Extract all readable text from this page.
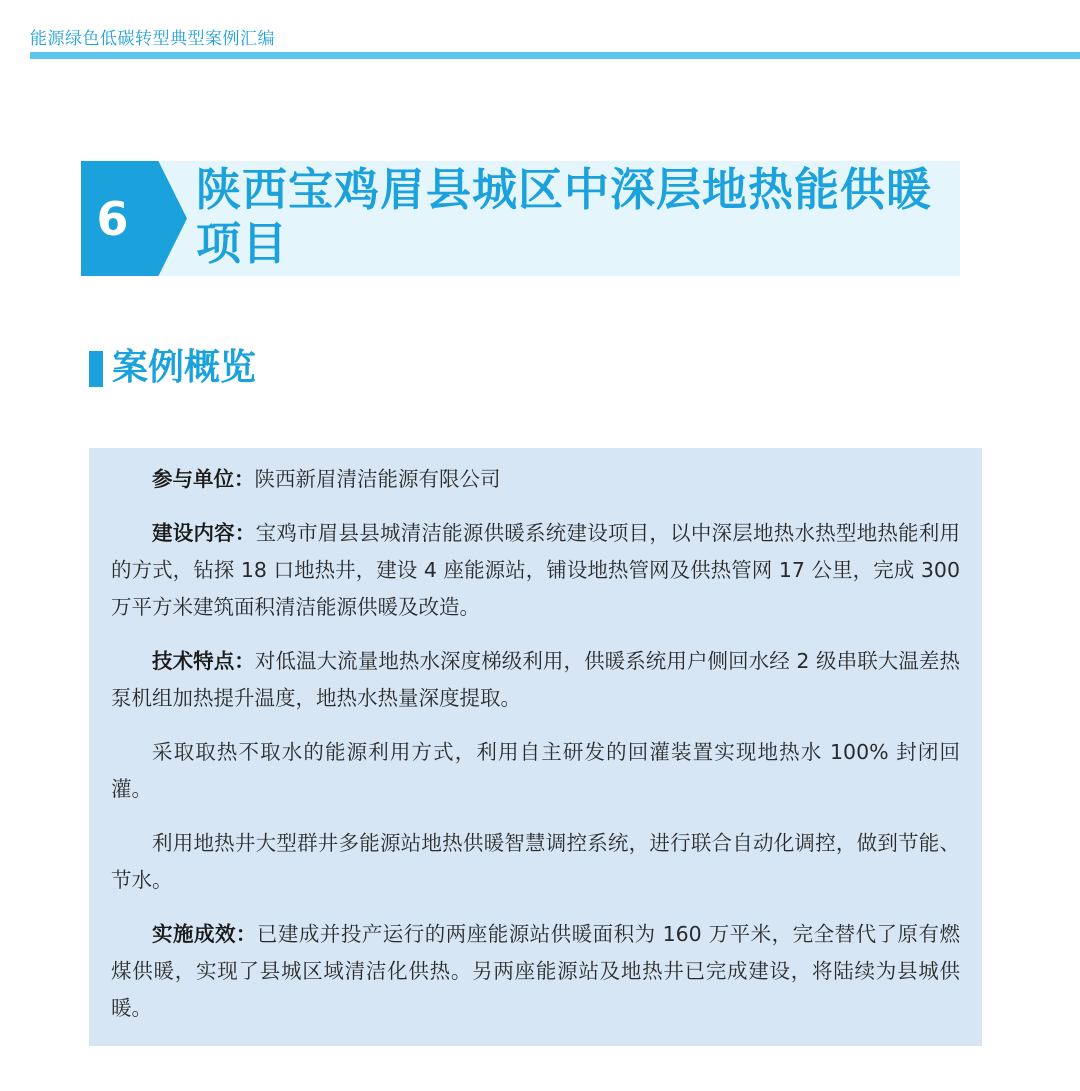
能源绿色低碳转型典型案例汇编
6
陕西宝鸡眉县城区中深层地热能供暖项目
案例概览

参与单位：陕西新眉清洁能源有限公司

建设内容：宝鸡市眉县县城清洁能源供暖系统建设项目，以中深层地热水热型地热能利用的方式，钻探 18 口地热井，建设 4 座能源站，铺设地热管网及供热管网 17 公里，完成 300 万平方米建筑面积清洁能源供暖及改造。

技术特点：对低温大流量地热水深度梯级利用，供暖系统用户侧回水经 2 级串联大温差热泵机组加热提升温度，地热水热量深度提取。

采取取热不取水的能源利用方式，利用自主研发的回灌装置实现地热水 100% 封闭回灌。

利用地热井大型群井多能源站地热供暖智慧调控系统，进行联合自动化调控，做到节能、节水。

实施成效：已建成并投产运行的两座能源站供暖面积为 160 万平米，完全替代了原有燃煤供暖，实现了县城区域清洁化供热。另两座能源站及地热井已完成建设，将陆续为县城供暖。
